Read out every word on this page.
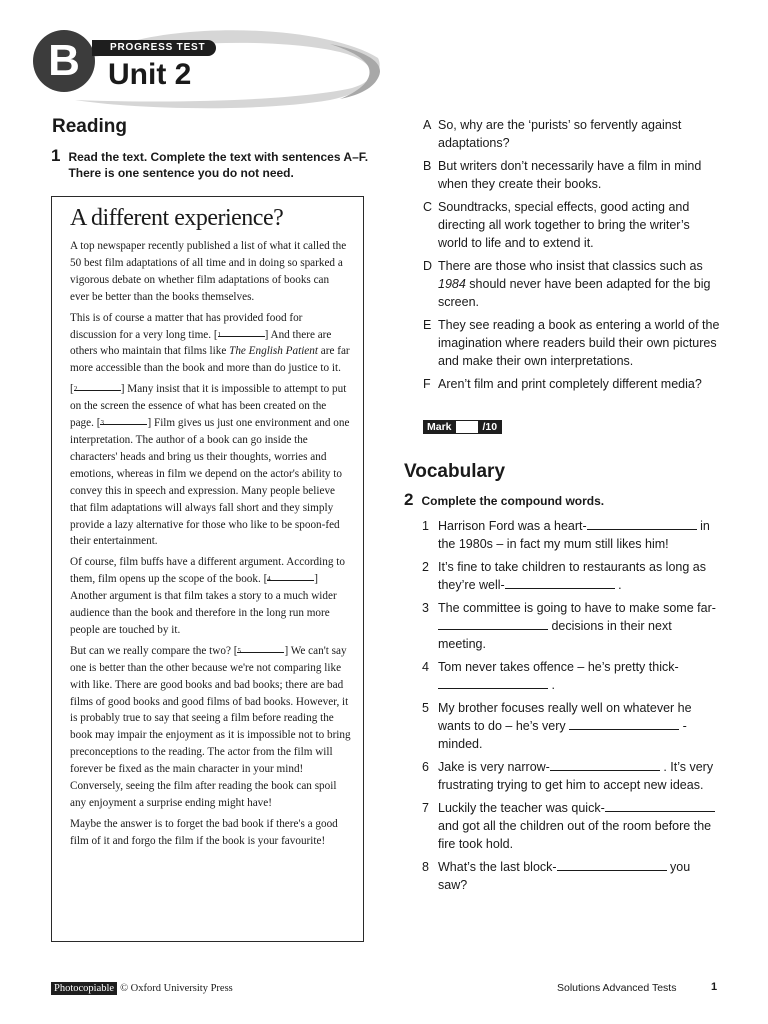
B	PROGRESS TEST
Unit 2
Reading
1 Read the text. Complete the text with sentences A–F. There is one sentence you do not need.
A different experience?

A top newspaper recently published a list of what it called the 50 best film adaptations of all time and in doing so sparked a vigorous debate on whether film adaptations of books can ever be better than the books themselves.

This is of course a matter that has provided food for discussion for a very long time. [$^1$	] And there are others who maintain that films like The English Patient are far more accessible than the book and more than do justice to it.

[$^2$	] Many insist that it is impossible to attempt to put on the screen the essence of what has been created on the page. [$^3$	] Film gives us just one environment and one interpretation. The author of a book can go inside the characters' heads and bring us their thoughts, worries and emotions, whereas in film we depend on the actor's ability to convey this in speech and expression. Many people believe that film adaptations will always fall short and they simply provide a lazy alternative for those who like to be spoon-fed their entertainment.

Of course, film buffs have a different argument. According to them, film opens up the scope of the book. [$^4$	] Another argument is that film takes a story to a much wider audience than the book and therefore in the long run more people are touched by it.

But can we really compare the two? [$^5$	] We can't say one is better than the other because we're not comparing like with like. There are good books and bad books; there are bad films of good books and good films of bad books. However, it is probably true to say that seeing a film before reading the book may impair the enjoyment as it is impossible not to bring preconceptions to the reading. The actor from the film will forever be fixed as the main character in your mind! Conversely, seeing the film after reading the book can spoil any enjoyment a surprise ending might have!

Maybe the answer is to forget the bad book if there's a good film of it and forgo the film if the book is your favourite!

A So, why are the ‘purists’ so fervently against adaptations?
B But writers don’t necessarily have a film in mind when they create their books.
C Soundtracks, special effects, good acting and directing all work together to bring the writer’s world to life and to extend it.
D There are those who insist that classics such as 1984 should never have been adapted for the big screen.
E They see reading a book as entering a world of the imagination where readers build their own pictures and make their own interpretations.
F Aren’t film and print completely different media?
Mark	/10
Vocabulary
2 Complete the compound words.
1 Harrison Ford was a heart-	in the 1980s – in fact my mum still likes him!
2 It’s fine to take children to restaurants as long as they’re well-	.
3 The committee is going to have to make some far- decisions in their next meeting.
4 Tom never takes offence – he’s pretty thick- .
5 My brother focuses really well on whatever he wants to do – he’s very	-minded.
6 Jake is very narrow-	. It’s very frustrating trying to get him to accept new ideas.
7 Luckily the teacher was quick- and got all the children out of the room before the fire took hold.
8 What’s the last block-	you saw?
Photocopiable © Oxford University Press	Solutions Advanced Tests	1
